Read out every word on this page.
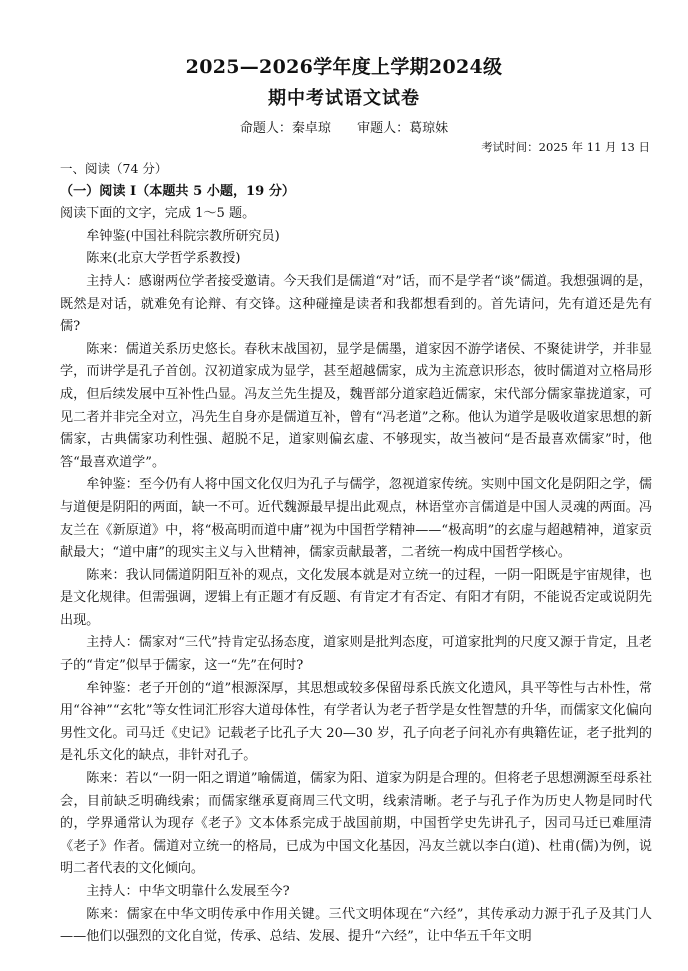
2025—2026学年度上学期2024级
期中考试语文试卷
命题人：秦卓琼 审题人：葛琼妹
考试时间：2025 年 11 月 13 日

一、阅读（74 分）

（一）阅读 I（本题共 5 小题，19 分）

阅读下面的文字，完成 1～5 题。

牟钟鉴(中国社科院宗教所研究员)

陈来(北京大学哲学系教授)

主持人：感谢两位学者接受邀请。今天我们是儒道“对”话，而不是学者“谈”儒道。我想强调的是，既然是对话，就难免有论辩、有交锋。这种碰撞是读者和我都想看到的。首先请问，先有道还是先有儒?

陈来：儒道关系历史悠长。春秋末战国初，显学是儒墨，道家因不游学诸侯、不聚徒讲学，并非显学，而讲学是孔子首创。汉初道家成为显学，甚至超越儒家，成为主流意识形态，彼时儒道对立格局形成，但后续发展中互补性凸显。冯友兰先生提及，魏晋部分道家趋近儒家，宋代部分儒家靠拢道家，可见二者并非完全对立，冯先生自身亦是儒道互补，曾有“冯老道”之称。他认为道学是吸收道家思想的新儒家，古典儒家功利性强、超脱不足，道家则偏玄虚、不够现实，故当被问“是否最喜欢儒家”时，他答“最喜欢道学”。

牟钟鉴：至今仍有人将中国文化仅归为孔子与儒学，忽视道家传统。实则中国文化是阴阳之学，儒与道便是阴阳的两面，缺一不可。近代魏源最早提出此观点，林语堂亦言儒道是中国人灵魂的两面。冯友兰在《新原道》中，将“极高明而道中庸”视为中国哲学精神——“极高明”的玄虚与超越精神，道家贡献最大；“道中庸”的现实主义与入世精神，儒家贡献最著，二者统一构成中国哲学核心。

陈来：我认同儒道阴阳互补的观点，文化发展本就是对立统一的过程，一阴一阳既是宇宙规律，也是文化规律。但需强调，逻辑上有正题才有反题、有肯定才有否定、有阳才有阴，不能说否定或说阴先出现。

主持人：儒家对“三代”持肯定弘扬态度，道家则是批判态度，可道家批判的尺度又源于肯定，且老子的“肯定”似早于儒家，这一“先”在何时?

牟钟鉴：老子开创的“道”根源深厚，其思想或较多保留母系氏族文化遗风，具平等性与古朴性，常用“谷神”“玄牝”等女性词汇形容大道母体性，有学者认为老子哲学是女性智慧的升华，而儒家文化偏向男性文化。司马迁《史记》记载老子比孔子大 20—30 岁，孔子向老子问礼亦有典籍佐证，老子批判的是礼乐文化的缺点，非针对孔子。

陈来：若以“一阴一阳之谓道”喻儒道，儒家为阳、道家为阴是合理的。但将老子思想溯源至母系社会，目前缺乏明确线索；而儒家继承夏商周三代文明，线索清晰。老子与孔子作为历史人物是同时代的，学界通常认为现存《老子》文本体系完成于战国前期，中国哲学史先讲孔子，因司马迁已难厘清《老子》作者。儒道对立统一的格局，已成为中国文化基因，冯友兰就以李白(道)、杜甫(儒)为例，说明二者代表的文化倾向。

主持人：中华文明靠什么发展至今?

陈来：儒家在中华文明传承中作用关键。三代文明体现在“六经”，其传承动力源于孔子及其门人——他们以强烈的文化自觉，传承、总结、发展、提升“六经”，让中华五千年文明
